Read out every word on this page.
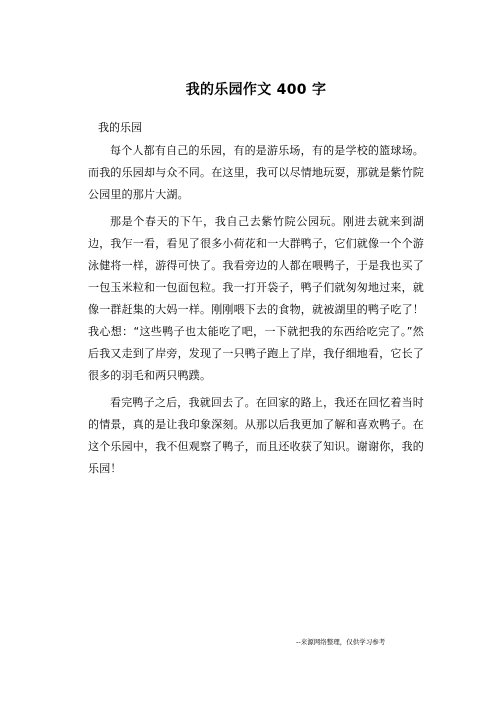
我的乐园作文 400 字
我的乐园

每个人都有自己的乐园，有的是游乐场，有的是学校的篮球场。而我的乐园却与众不同。在这里，我可以尽情地玩耍，那就是紫竹院公园里的那片大湖。

那是个春天的下午，我自己去紫竹院公园玩。刚进去就来到湖边，我乍一看，看见了很多小荷花和一大群鸭子，它们就像一个个游泳健将一样，游得可快了。我看旁边的人都在喂鸭子，于是我也买了一包玉米粒和一包面包粒。我一打开袋子，鸭子们就匆匆地过来，就像一群赶集的大妈一样。刚刚喂下去的食物，就被湖里的鸭子吃了！我心想：“这些鸭子也太能吃了吧，一下就把我的东西给吃完了。”然后我又走到了岸旁，发现了一只鸭子跑上了岸，我仔细地看，它长了很多的羽毛和两只鸭蹼。

看完鸭子之后，我就回去了。在回家的路上，我还在回忆着当时的情景，真的是让我印象深刻。从那以后我更加了解和喜欢鸭子。在这个乐园中，我不但观察了鸭子，而且还收获了知识。谢谢你，我的乐园！

--来源网络整理，仅供学习参考
